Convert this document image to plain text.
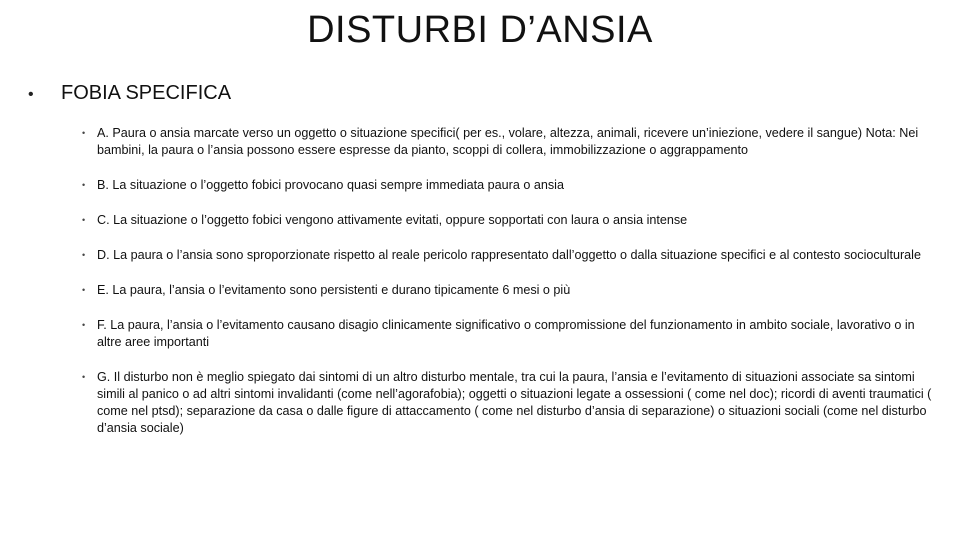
DISTURBI D’ANSIA
•	FOBIA SPECIFICA
• A. Paura o ansia marcate verso un oggetto o situazione specifici( per es., volare, altezza, animali, ricevere un’iniezione, vedere il sangue) Nota: Nei bambini, la paura o l’ansia possono essere espresse da pianto, scoppi di collera, immobilizzazione o aggrappamento
• B. La situazione o l’oggetto fobici provocano quasi sempre immediata paura o ansia
• C. La situazione o l’oggetto fobici vengono attivamente evitati, oppure sopportati con laura o ansia intense
• D. La paura o l’ansia sono sproporzionate rispetto al reale pericolo rappresentato dall’oggetto o dalla situazione specifici e al contesto socioculturale
• E. La paura, l’ansia o l’evitamento sono persistenti e durano tipicamente 6 mesi o più
• F. La paura, l’ansia o l’evitamento causano disagio clinicamente significativo o compromissione del funzionamento in ambito sociale, lavorativo o in altre aree importanti
• G. Il disturbo non è meglio spiegato dai sintomi di un altro disturbo mentale, tra cui la paura, l’ansia e l’evitamento di situazioni associate sa sintomi simili al panico o ad altri sintomi invalidanti (come nell’agorafobia); oggetti o situazioni legate a ossessioni ( come nel doc); ricordi di aventi traumatici ( come nel ptsd); separazione da casa o dalle figure di attaccamento ( come nel disturbo d’ansia di separazione) o situazioni sociali (come nel disturbo d’ansia sociale)
